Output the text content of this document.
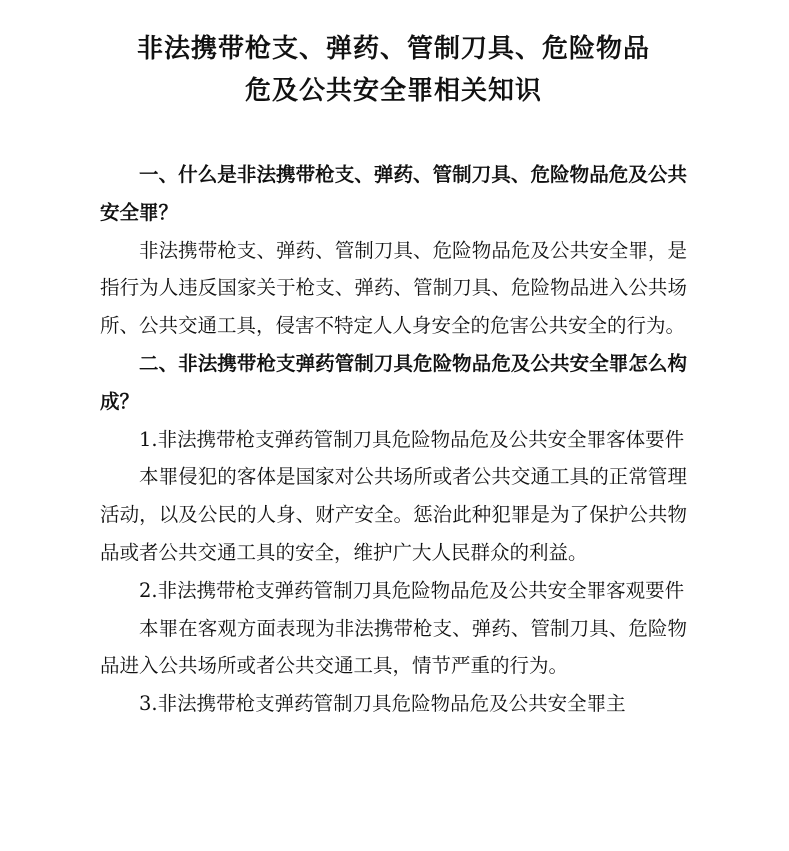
非法携带枪支、弹药、管制刀具、危险物品
危及公共安全罪相关知识

一、什么是非法携带枪支、弹药、管制刀具、危险物品危及公共安全罪？

非法携带枪支、弹药、管制刀具、危险物品危及公共安全罪，是指行为人违反国家关于枪支、弹药、管制刀具、危险物品进入公共场所、公共交通工具，侵害不特定人人身安全的危害公共安全的行为。

二、非法携带枪支弹药管制刀具危险物品危及公共安全罪怎么构成？

1.非法携带枪支弹药管制刀具危险物品危及公共安全罪客体要件

本罪侵犯的客体是国家对公共场所或者公共交通工具的正常管理活动，以及公民的人身、财产安全。惩治此种犯罪是为了保护公共物品或者公共交通工具的安全，维护广大人民群众的利益。

2.非法携带枪支弹药管制刀具危险物品危及公共安全罪客观要件

本罪在客观方面表现为非法携带枪支、弹药、管制刀具、危险物品进入公共场所或者公共交通工具，情节严重的行为。

3.非法携带枪支弹药管制刀具危险物品危及公共安全罪主
